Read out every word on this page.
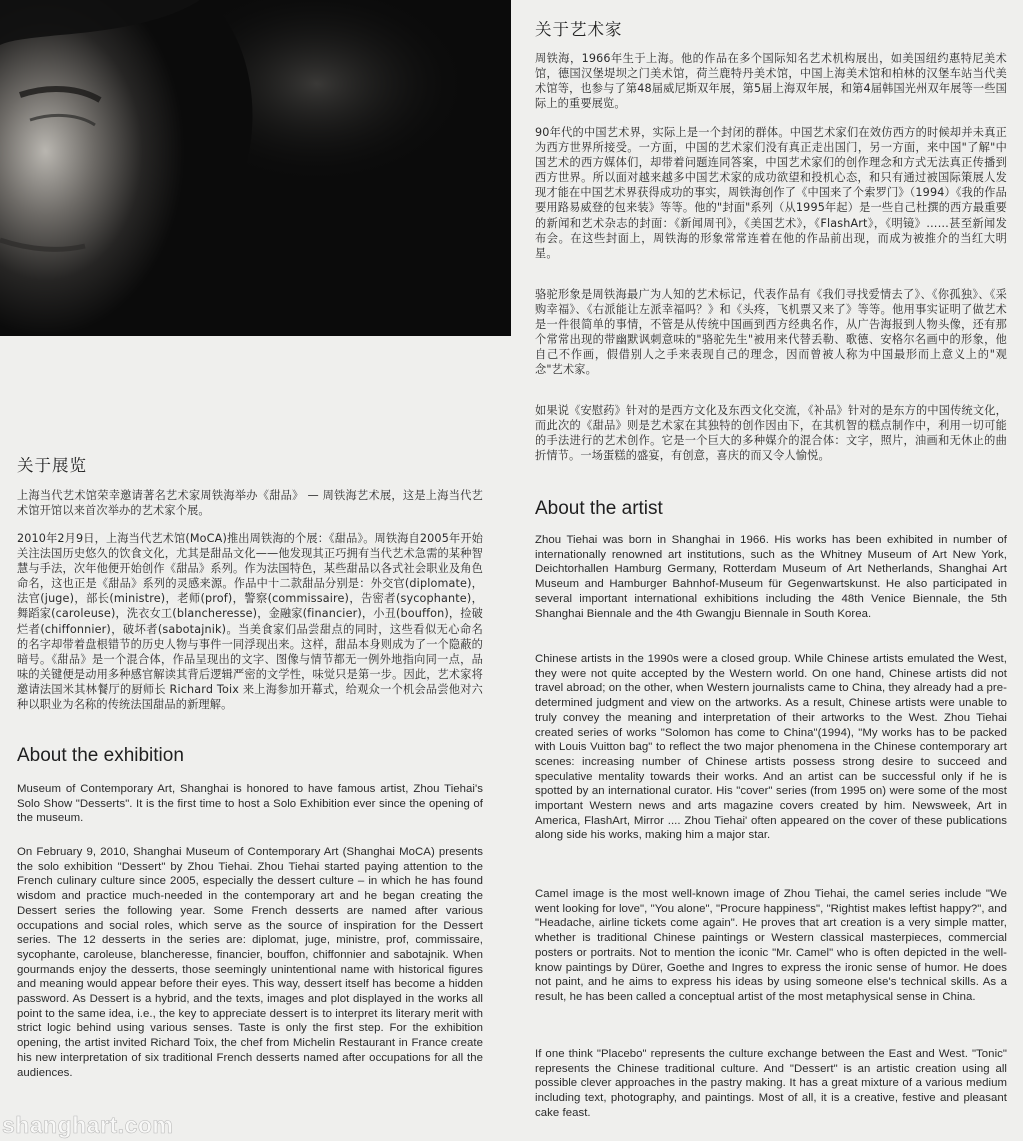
关于展览

上海当代艺术馆荣幸邀请著名艺术家周铁海举办《甜品》 — 周铁海艺术展，这是上海当代艺术馆开馆以来首次举办的艺术家个展。

2010年2月9日，上海当代艺术馆(MoCA)推出周铁海的个展：《甜品》。周铁海自2005年开始关注法国历史悠久的饮食文化，尤其是甜品文化——他发现其正巧拥有当代艺术急需的某种智慧与手法，次年他便开始创作《甜品》系列。作为法国特色，某些甜品以各式社会职业及角色命名，这也正是《甜品》系列的灵感来源。作品中十二款甜品分别是：外交官(diplomate)，法官(juge)，部长(ministre)，老师(prof)，警察(commissaire)，告密者(sycophante)，舞蹈家(caroleuse)，洗衣女工(blancheresse)，金融家(financier)，小丑(bouffon)，捡破烂者(chiffonnier)，破坏者(sabotajnik)。当美食家们品尝甜点的同时，这些看似无心命名的名字却带着盘根错节的历史人物与事件一同浮现出来。这样，甜品本身则成为了一个隐蔽的暗号。《甜品》是一个混合体，作品呈现出的文字、图像与情节都无一例外地指向同一点，品味的关键便是动用多种感官解读其背后逻辑严密的文学性，味觉只是第一步。因此，艺术家将邀请法国米其林餐厅的厨师长 Richard Toix 来上海参加开幕式，给观众一个机会品尝他对六种以职业为名称的传统法国甜品的新理解。

About the exhibition

Museum of Contemporary Art, Shanghai is honored to have famous artist, Zhou Tiehai's Solo Show "Desserts". It is the first time to host a Solo Exhibition ever since the opening of the museum.

On February 9, 2010, Shanghai Museum of Contemporary Art (Shanghai MoCA) presents the solo exhibition "Dessert" by Zhou Tiehai. Zhou Tiehai started paying attention to the French culinary culture since 2005, especially the dessert culture – in which he has found wisdom and practice much-needed in the contemporary art and he began creating the Dessert series the following year. Some French desserts are named after various occupations and social roles, which serve as the source of inspiration for the Dessert series. The 12 desserts in the series are: diplomat, juge, ministre, prof, commissaire, sycophante, caroleuse, blancheresse, financier, bouffon, chiffonnier and sabotajnik. When gourmands enjoy the desserts, those seemingly unintentional name with historical figures and meaning would appear before their eyes. This way, dessert itself has become a hidden password. As Dessert is a hybrid, and the texts, images and plot displayed in the works all point to the same idea, i.e., the key to appreciate dessert is to interpret its literary merit with strict logic behind using various senses. Taste is only the first step. For the exhibition opening, the artist invited Richard Toix, the chef from Michelin Restaurant in France create his new interpretation of six traditional French desserts named after occupations for all the audiences.

关于艺术家

周铁海，1966年生于上海。他的作品在多个国际知名艺术机构展出，如美国纽约惠特尼美术馆，德国汉堡堤坝之门美术馆，荷兰鹿特丹美术馆，中国上海美术馆和柏林的汉堡车站当代美术馆等，也参与了第48届威尼斯双年展，第5届上海双年展，和第4届韩国光州双年展等一些国际上的重要展览。

90年代的中国艺术界，实际上是一个封闭的群体。中国艺术家们在效仿西方的时候却并未真正为西方世界所接受。一方面，中国的艺术家们没有真正走出国门，另一方面，来中国"了解"中国艺术的西方媒体们，却带着问题连同答案，中国艺术家们的创作理念和方式无法真正传播到西方世界。所以面对越来越多中国艺术家的成功欲望和投机心态，和只有通过被国际策展人发现才能在中国艺术界获得成功的事实，周铁海创作了《中国来了个索罗门》（1994）《我的作品要用路易威登的包来装》等等。他的"封面"系列（从1995年起）是一些自己杜撰的西方最重要的新闻和艺术杂志的封面：《新闻周刊》，《美国艺术》，《FlashArt》，《明镜》……甚至新闻发布会。在这些封面上，周铁海的形象常常连着在他的作品前出现，而成为被推介的当红大明星。

骆驼形象是周铁海最广为人知的艺术标记，代表作品有《我们寻找爱情去了》、《你孤独》、《采购幸福》、《右派能让左派幸福吗？》和《头疼，飞机票又来了》等等。他用事实证明了做艺术是一件很简单的事情，不管是从传统中国画到西方经典名作，从广告海报到人物头像，还有那个常常出现的带幽默讽刺意味的"骆驼先生"被用来代替丢勒、歌德、安格尔名画中的形象，他自己不作画，假借别人之手来表现自己的理念，因而曾被人称为中国最形而上意义上的"观念"艺术家。

如果说《安慰药》针对的是西方文化及东西文化交流，《补品》针对的是东方的中国传统文化，而此次的《甜品》则是艺术家在其独特的创作因由下，在其机智的糕点制作中，利用一切可能的手法进行的艺术创作。它是一个巨大的多种媒介的混合体：文字，照片，油画和无休止的曲折情节。一场蛋糕的盛宴，有创意，喜庆的而又令人愉悦。

About the artist

Zhou Tiehai was born in Shanghai in 1966. His works has been exhibited in number of internationally renowned art institutions, such as the Whitney Museum of Art New York, Deichtorhallen Hamburg Germany, Rotterdam Museum of Art Netherlands, Shanghai Art Museum and Hamburger Bahnhof-Museum für Gegenwartskunst. He also participated in several important international exhibitions including the 48th Venice Biennale, the 5th Shanghai Biennale and the 4th Gwangju Biennale in South Korea.

Chinese artists in the 1990s were a closed group. While Chinese artists emulated the West, they were not quite accepted by the Western world. On one hand, Chinese artists did not travel abroad; on the other, when Western journalists came to China, they already had a pre-determined judgment and view on the artworks. As a result, Chinese artists were unable to truly convey the meaning and interpretation of their artworks to the West. Zhou Tiehai created series of works "Solomon has come to China"(1994), "My works has to be packed with Louis Vuitton bag" to reflect the two major phenomena in the Chinese contemporary art scenes: increasing number of Chinese artists possess strong desire to succeed and speculative mentality towards their works. And an artist can be successful only if he is spotted by an international curator. His "cover" series (from 1995 on) were some of the most important Western news and arts magazine covers created by him. Newsweek, Art in America, FlashArt, Mirror .... Zhou Tiehai' often appeared on the cover of these publications along side his works, making him a major star.

Camel image is the most well-known image of Zhou Tiehai, the camel series include "We went looking for love", "You alone", "Procure happiness", "Rightist makes leftist happy?", and "Headache, airline tickets come again". He proves that art creation is a very simple matter, whether is traditional Chinese paintings or Western classical masterpieces, commercial posters or portraits. Not to mention the iconic "Mr. Camel" who is often depicted in the well-know paintings by Dürer, Goethe and Ingres to express the ironic sense of humor. He does not paint, and he aims to express his ideas by using someone else's technical skills. As a result, he has been called a conceptual artist of the most metaphysical sense in China.

If one think "Placebo" represents the culture exchange between the East and West. "Tonic" represents the Chinese traditional culture. And "Dessert" is an artistic creation using all possible clever approaches in the pastry making. It has a great mixture of a various medium including text, photography, and paintings. Most of all, it is a creative, festive and pleasant cake feast.

shanghart.com
